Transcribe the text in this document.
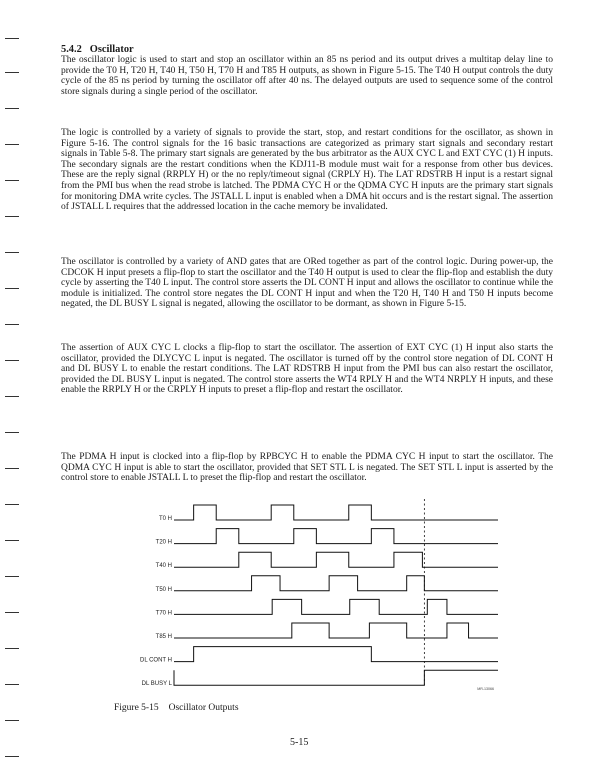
5.4.2 Oscillator

The oscillator logic is used to start and stop an oscillator within an 85 ns period and its output drives a multitap delay line to provide the T0 H, T20 H, T40 H, T50 H, T70 H and T85 H outputs, as shown in Figure 5-15. The T40 H output controls the duty cycle of the 85 ns period by turning the oscillator off after 40 ns. The delayed outputs are used to sequence some of the control store signals during a single period of the oscillator.

The logic is controlled by a variety of signals to provide the start, stop, and restart conditions for the oscillator, as shown in Figure 5-16. The control signals for the 16 basic transactions are categorized as primary start signals and secondary restart signals in Table 5-8. The primary start signals are generated by the bus arbitrator as the AUX CYC L and EXT CYC (1) H inputs. The secondary signals are the restart conditions when the KDJ11-B module must wait for a response from other bus devices. These are the reply signal (RRPLY H) or the no reply/timeout signal (CRPLY H). The LAT RDSTRB H input is a restart signal from the PMI bus when the read strobe is latched. The PDMA CYC H or the QDMA CYC H inputs are the primary start signals for monitoring DMA write cycles. The JSTALL L input is enabled when a DMA hit occurs and is the restart signal. The assertion of JSTALL L requires that the addressed location in the cache memory be invalidated.

The oscillator is controlled by a variety of AND gates that are ORed together as part of the control logic. During power-up, the CDCOK H input presets a flip-flop to start the oscillator and the T40 H output is used to clear the flip-flop and establish the duty cycle by asserting the T40 L input. The control store asserts the DL CONT H input and allows the oscillator to continue while the module is initialized. The control store negates the DL CONT H input and when the T20 H, T40 H and T50 H inputs become negated, the DL BUSY L signal is negated, allowing the oscillator to be dormant, as shown in Figure 5-15.

The assertion of AUX CYC L clocks a flip-flop to start the oscillator. The assertion of EXT CYC (1) H input also starts the oscillator, provided the DLYCYC L input is negated. The oscillator is turned off by the control store negation of DL CONT H and DL BUSY L to enable the restart conditions. The LAT RDSTRB H input from the PMI bus can also restart the oscillator, provided the DL BUSY L input is negated. The control store asserts the WT4 RPLY H and the WT4 NRPLY H inputs, and these enable the RRPLY H or the CRPLY H inputs to preset a flip-flop and restart the oscillator.

The PDMA H input is clocked into a flip-flop by RPBCYC H to enable the PDMA CYC H input to start the oscillator. The QDMA CYC H input is able to start the oscillator, provided that SET STL L is negated. The SET STL L input is asserted by the control store to enable JSTALL L to preset the flip-flop and restart the oscillator.

T0 H
T20 H
T40 H
T50 H
T70 H
T85 H
DL CONT H
DL BUSY L
MR-13066

Figure 5-15 Oscillator Outputs

5-15
